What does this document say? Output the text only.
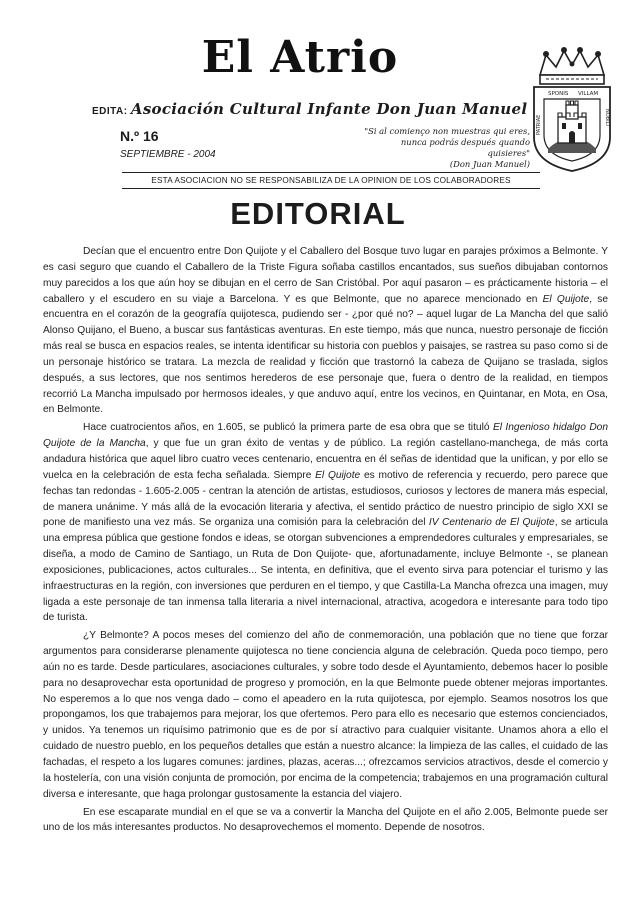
El Atrio
EDITA: Asociación Cultural Infante Don Juan Manuel
N.º 16
SEPTIEMBRE - 2004
"Si al comienço non muestras qui eres,
nunca podrás después quando quisieres"
(Don Juan Manuel)
SPONIS VILLAM
PATRIAE	NOBILI
ESTA ASOCIACION NO SE RESPONSABILIZA DE LA OPINION DE LOS COLABORADORES
EDITORIAL

Decían que el encuentro entre Don Quijote y el Caballero del Bosque tuvo lugar en parajes próximos a Belmonte. Y es casi seguro que cuando el Caballero de la Triste Figura soñaba castillos encantados, sus sueños dibujaban contornos muy parecidos a los que aún hoy se dibujan en el cerro de San Cristóbal. Por aquí pasaron – es prácticamente historia – el caballero y el escudero en su viaje a Barcelona. Y es que Belmonte, que no aparece mencionado en El Quijote, se encuentra en el corazón de la geografía quijotesca, pudiendo ser - ¿por qué no? – aquel lugar de La Mancha del que salió Alonso Quijano, el Bueno, a buscar sus fantásticas aventuras. En este tiempo, más que nunca, nuestro personaje de ficción más real se busca en espacios reales, se intenta identificar su historia con pueblos y paisajes, se rastrea su paso como si de un personaje histórico se tratara. La mezcla de realidad y ficción que trastornó la cabeza de Quijano se traslada, siglos después, a sus lectores, que nos sentimos herederos de ese personaje que, fuera o dentro de la realidad, en tiempos recorrió La Mancha impulsado por hermosos ideales, y que anduvo aquí, entre los vecinos, en Quintanar, en Mota, en Osa, en Belmonte.

Hace cuatrocientos años, en 1.605, se publicó la primera parte de esa obra que se tituló El Ingenioso hidalgo Don Quijote de la Mancha, y que fue un gran éxito de ventas y de público. La región castellano-manchega, de más corta andadura histórica que aquel libro cuatro veces centenario, encuentra en él señas de identidad que la unifican, y por ello se vuelca en la celebración de esta fecha señalada. Siempre El Quijote es motivo de referencia y recuerdo, pero parece que fechas tan redondas - 1.605-2.005 - centran la atención de artistas, estudiosos, curiosos y lectores de manera más especial, de manera unánime. Y más allá de la evocación literaria y afectiva, el sentido práctico de nuestro principio de siglo XXI se pone de manifiesto una vez más. Se organiza una comisión para la celebración del IV Centenario de El Quijote, se articula una empresa pública que gestione fondos e ideas, se otorgan subvenciones a emprendedores culturales y empresariales, se diseña, a modo de Camino de Santiago, un Ruta de Don Quijote- que, afortunadamente, incluye Belmonte -, se planean exposiciones, publicaciones, actos culturales... Se intenta, en definitiva, que el evento sirva para potenciar el turismo y las infraestructuras en la región, con inversiones que perduren en el tiempo, y que Castilla-La Mancha ofrezca una imagen, muy ligada a este personaje de tan inmensa talla literaria a nivel internacional, atractiva, acogedora e interesante para todo tipo de turista.

¿Y Belmonte? A pocos meses del comienzo del año de conmemoración, una población que no tiene que forzar argumentos para considerarse plenamente quijotesca no tiene conciencia alguna de celebración. Queda poco tiempo, pero aún no es tarde. Desde particulares, asociaciones culturales, y sobre todo desde el Ayuntamiento, debemos hacer lo posible para no desaprovechar esta oportunidad de progreso y promoción, en la que Belmonte puede obtener mejoras importantes. No esperemos a lo que nos venga dado – como el apeadero en la ruta quijotesca, por ejemplo. Seamos nosotros los que propongamos, los que trabajemos para mejorar, los que ofertemos. Pero para ello es necesario que estemos concienciados, y unidos. Ya tenemos un riquísimo patrimonio que es de por sí atractivo para cualquier visitante. Unamos ahora a ello el cuidado de nuestro pueblo, en los pequeños detalles que están a nuestro alcance: la limpieza de las calles, el cuidado de las fachadas, el respeto a los lugares comunes: jardines, plazas, aceras...; ofrezcamos servicios atractivos, desde el comercio y la hostelería, con una visión conjunta de promoción, por encima de la competencia; trabajemos en una programación cultural diversa e interesante, que haga prolongar gustosamente la estancia del viajero.

En ese escaparate mundial en el que se va a convertir la Mancha del Quijote en el año 2.005, Belmonte puede ser uno de los más interesantes productos. No desaprovechemos el momento. Depende de nosotros.
